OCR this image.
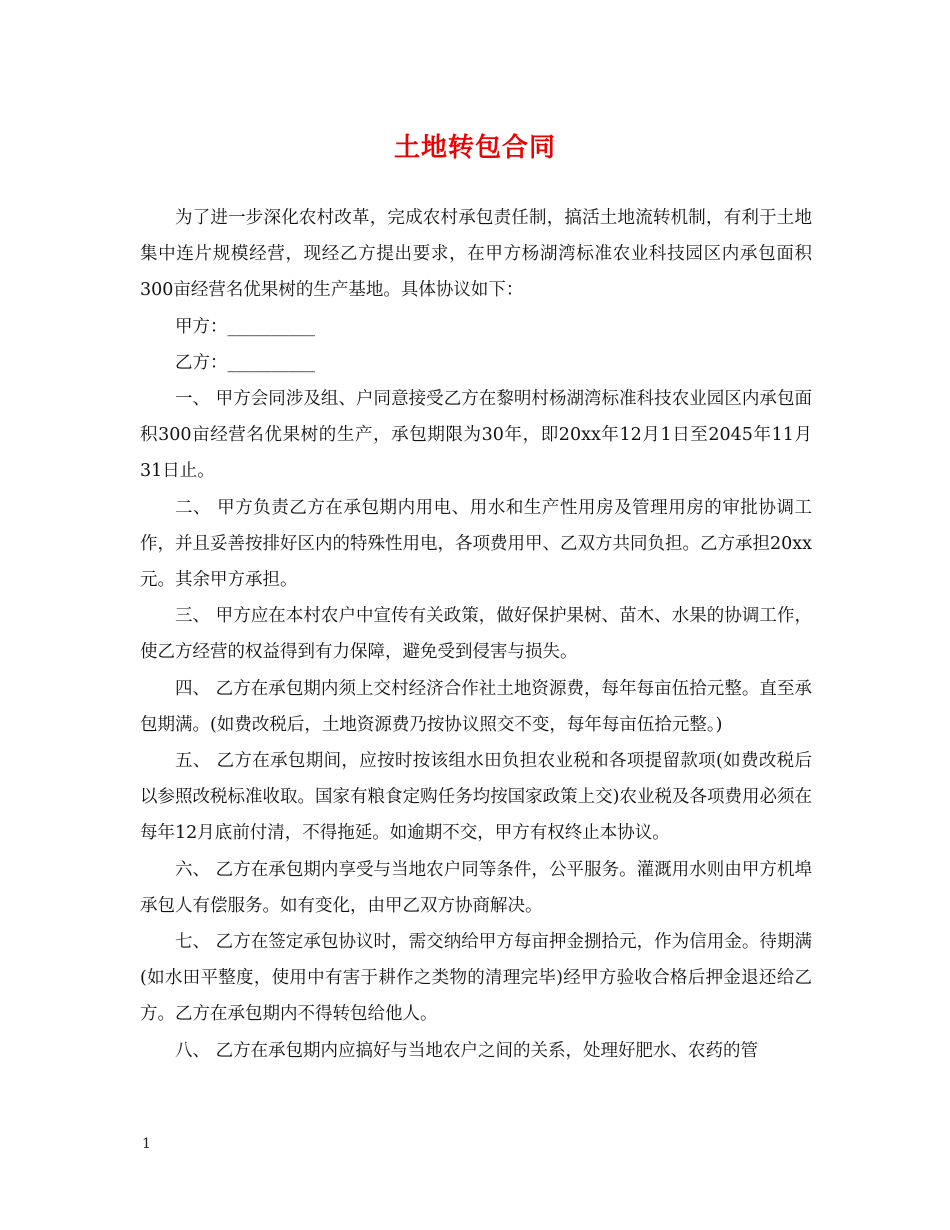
土地转包合同

为了进一步深化农村改革，完成农村承包责任制，搞活土地流转机制，有利于土地集中连片规模经营，现经乙方提出要求，在甲方杨湖湾标准农业科技园区内承包面积300亩经营名优果树的生产基地。具体协议如下：

甲方：__________

乙方：__________

一、 甲方会同涉及组、户同意接受乙方在黎明村杨湖湾标准科技农业园区内承包面积300亩经营名优果树的生产，承包期限为30年，即20xx年12月1日至2045年11月31日止。

二、 甲方负责乙方在承包期内用电、用水和生产性用房及管理用房的审批协调工作，并且妥善按排好区内的特殊性用电，各项费用甲、乙双方共同负担。乙方承担20xx元。其余甲方承担。

三、 甲方应在本村农户中宣传有关政策，做好保护果树、苗木、水果的协调工作，使乙方经营的权益得到有力保障，避免受到侵害与损失。

四、 乙方在承包期内须上交村经济合作社土地资源费，每年每亩伍拾元整。直至承包期满。(如费改税后，土地资源费乃按协议照交不变，每年每亩伍拾元整。)

五、 乙方在承包期间，应按时按该组水田负担农业税和各项提留款项(如费改税后以参照改税标准收取。国家有粮食定购任务均按国家政策上交)农业税及各项费用必须在每年12月底前付清，不得拖延。如逾期不交，甲方有权终止本协议。

六、 乙方在承包期内享受与当地农户同等条件，公平服务。灌溉用水则由甲方机埠承包人有偿服务。如有变化，由甲乙双方协商解决。

七、 乙方在签定承包协议时，需交纳给甲方每亩押金捌拾元，作为信用金。待期满(如水田平整度，使用中有害于耕作之类物的清理完毕)经甲方验收合格后押金退还给乙方。乙方在承包期内不得转包给他人。

八、 乙方在承包期内应搞好与当地农户之间的关系，处理好肥水、农药的管

1
